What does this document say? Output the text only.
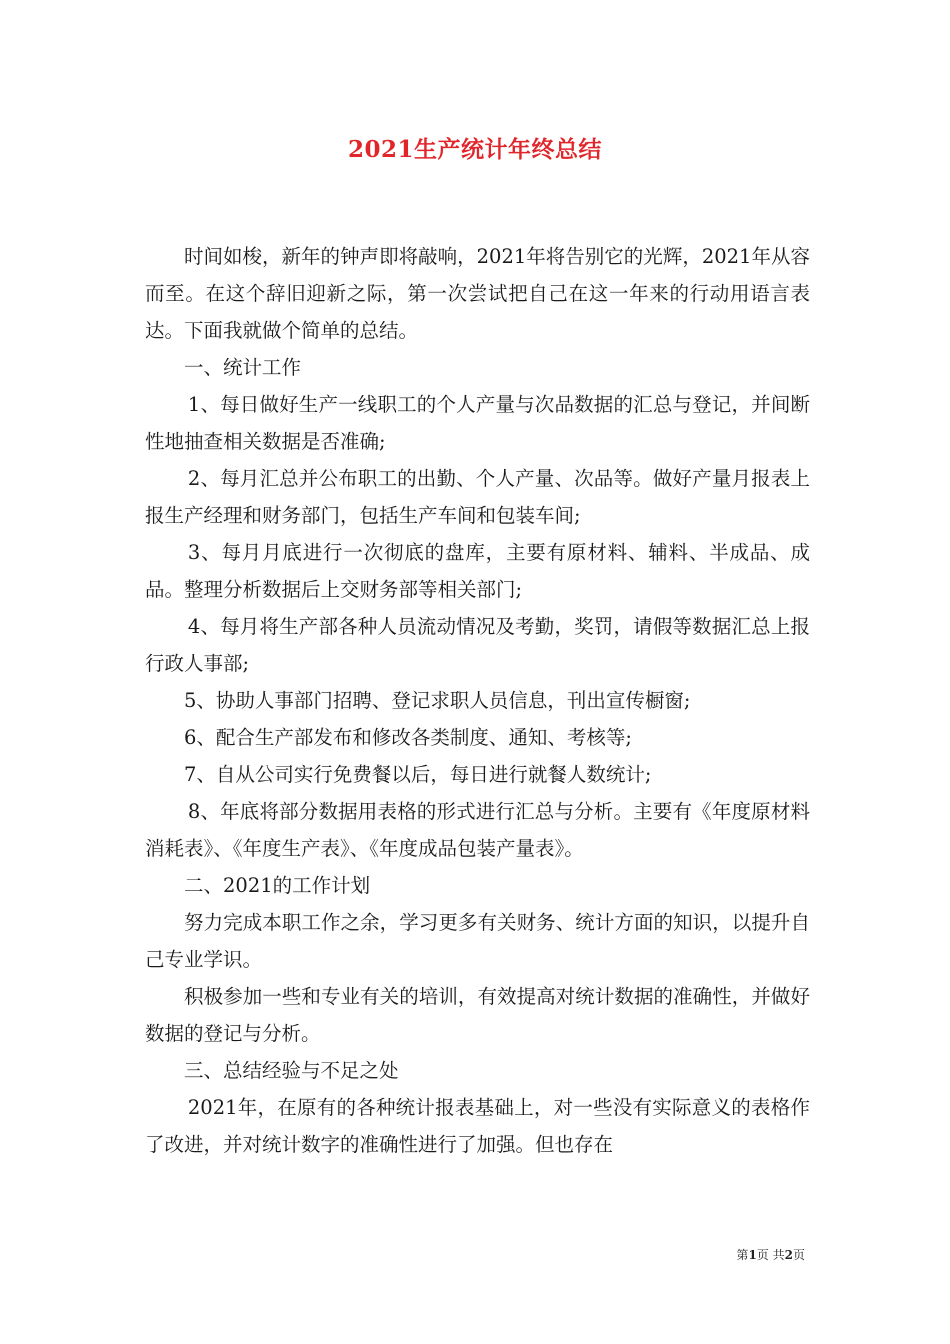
2021生产统计年终总结

时间如梭，新年的钟声即将敲响，2021年将告别它的光辉，2021年从容而至。在这个辞旧迎新之际，第一次尝试把自己在这一年来的行动用语言表达。下面我就做个简单的总结。

一、统计工作

1、每日做好生产一线职工的个人产量与次品数据的汇总与登记，并间断性地抽查相关数据是否准确;

2、每月汇总并公布职工的出勤、个人产量、次品等。做好产量月报表上报生产经理和财务部门，包括生产车间和包装车间;

3、每月月底进行一次彻底的盘库，主要有原材料、辅料、半成品、成品。整理分析数据后上交财务部等相关部门;

4、每月将生产部各种人员流动情况及考勤，奖罚，请假等数据汇总上报行政人事部;

5、协助人事部门招聘、登记求职人员信息，刊出宣传橱窗;

6、配合生产部发布和修改各类制度、通知、考核等;

7、自从公司实行免费餐以后，每日进行就餐人数统计;

8、年底将部分数据用表格的形式进行汇总与分析。主要有《年度原材料消耗表》、《年度生产表》、《年度成品包装产量表》。

二、2021的工作计划

努力完成本职工作之余，学习更多有关财务、统计方面的知识，以提升自己专业学识。

积极参加一些和专业有关的培训，有效提高对统计数据的准确性，并做好数据的登记与分析。

三、总结经验与不足之处

2021年，在原有的各种统计报表基础上，对一些没有实际意义的表格作了改进，并对统计数字的准确性进行了加强。但也存在

第1页 共2页
